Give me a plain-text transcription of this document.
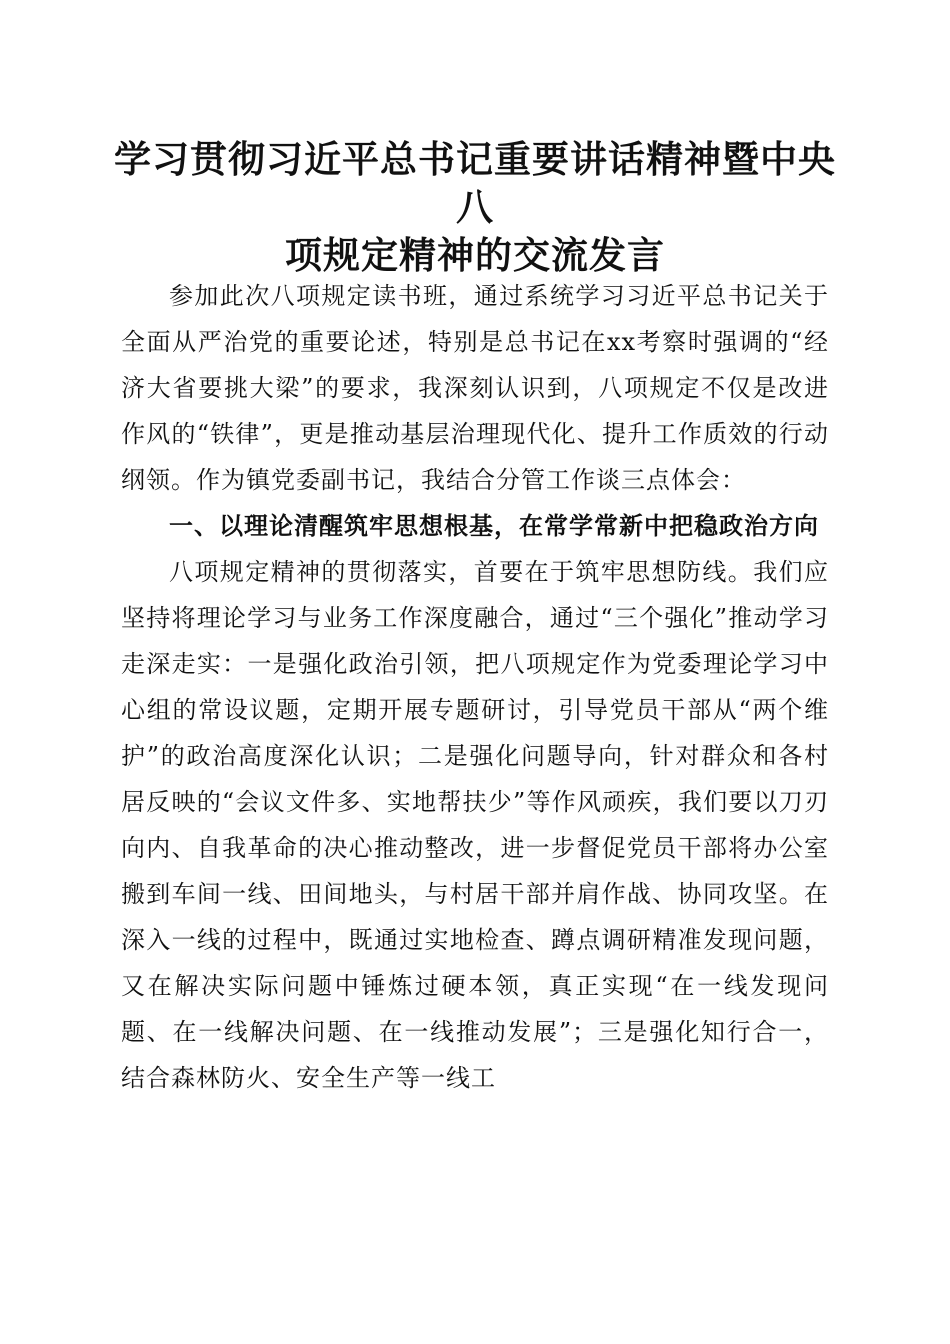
学习贯彻习近平总书记重要讲话精神暨中央八
项规定精神的交流发言

参加此次八项规定读书班，通过系统学习习近平总书记关于全面从严治党的重要论述，特别是总书记在xx考察时强调的“经济大省要挑大梁”的要求，我深刻认识到，八项规定不仅是改进作风的“铁律”，更是推动基层治理现代化、提升工作质效的行动纲领。作为镇党委副书记，我结合分管工作谈三点体会：

一、以理论清醒筑牢思想根基，在常学常新中把稳政治方向

八项规定精神的贯彻落实，首要在于筑牢思想防线。我们应坚持将理论学习与业务工作深度融合，通过“三个强化”推动学习走深走实：一是强化政治引领，把八项规定作为党委理论学习中心组的常设议题，定期开展专题研讨，引导党员干部从“两个维护”的政治高度深化认识；二是强化问题导向，针对群众和各村居反映的“会议文件多、实地帮扶少”等作风顽疾，我们要以刀刃向内、自我革命的决心推动整改，进一步督促党员干部将办公室搬到车间一线、田间地头，与村居干部并肩作战、协同攻坚。在深入一线的过程中，既通过实地检查、蹲点调研精准发现问题，又在解决实际问题中锤炼过硬本领，真正实现“在一线发现问题、在一线解决问题、在一线推动发展”；三是强化知行合一，结合森林防火、安全生产等一线工
